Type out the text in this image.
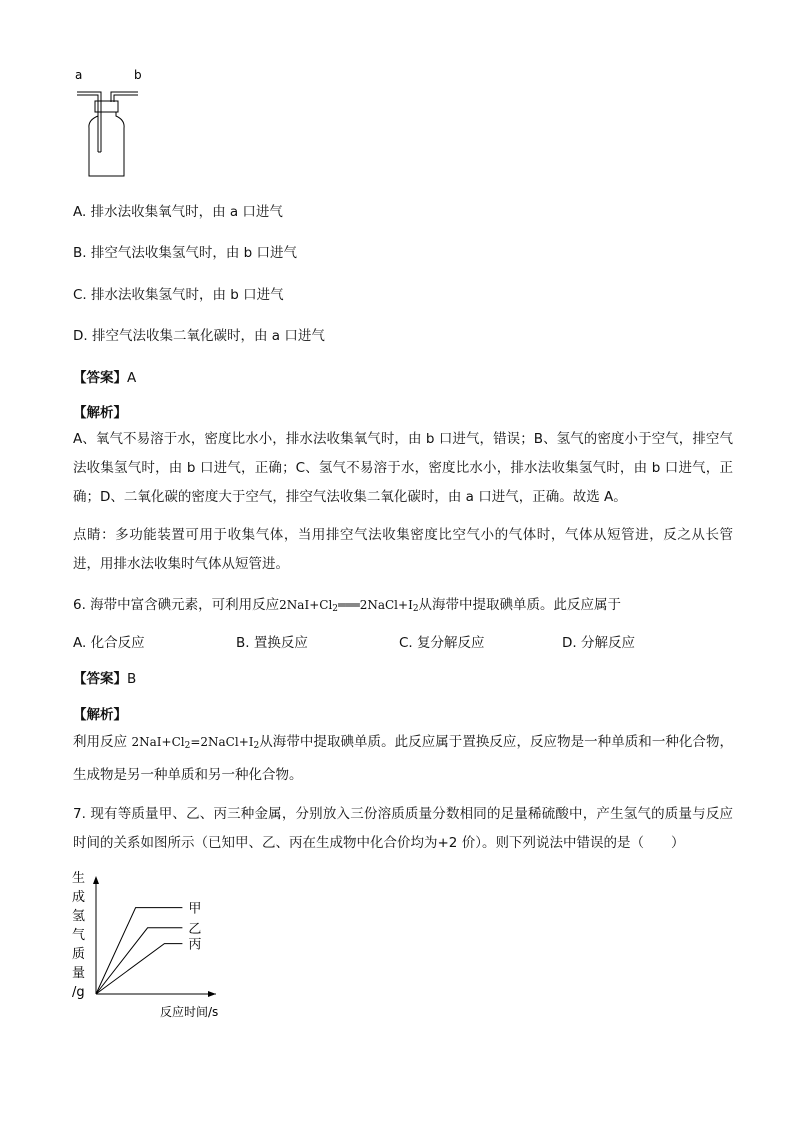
a	b
A. 排水法收集氧气时，由 a 口进气
B. 排空气法收集氢气时，由 b 口进气
C. 排水法收集氢气时，由 b 口进气
D. 排空气法收集二氧化碳时，由 a 口进气
【答案】A
【解析】
A、氧气不易溶于水，密度比水小，排水法收集氧气时，由 b 口进气，错误；B、氢气的密度小于空气，排空气法收集氢气时，由 b 口进气，正确；C、氢气不易溶于水，密度比水小，排水法收集氢气时，由 b 口进气，正确；D、二氧化碳的密度大于空气，排空气法收集二氧化碳时，由 a 口进气，正确。故选 A。
点睛：多功能装置可用于收集气体，当用排空气法收集密度比空气小的气体时，气体从短管进，反之从长管进，用排水法收集时气体从短管进。
6. 海带中富含碘元素，可利用反应$2NaI+Cl_2═══2NaCl+I_2$从海带中提取碘单质。此反应属于
A. 化合反应	B. 置换反应	C. 复分解反应	D. 分解反应
【答案】B
【解析】
利用反应 $2NaI+Cl_2=2NaCl+I_2$从海带中提取碘单质。此反应属于置换反应，反应物是一种单质和一种化合物，生成物是另一种单质和另一种化合物。
7. 现有等质量甲、乙、丙三种金属，分别放入三份溶质质量分数相同的足量稀硫酸中，产生氢气的质量与反应时间的关系如图所示（已知甲、乙、丙在生成物中化合价均为+2 价）。则下列说法中错误的是（　　）
生
成
氢
气
质
量
/g
反应时间/s
甲
乙
丙
